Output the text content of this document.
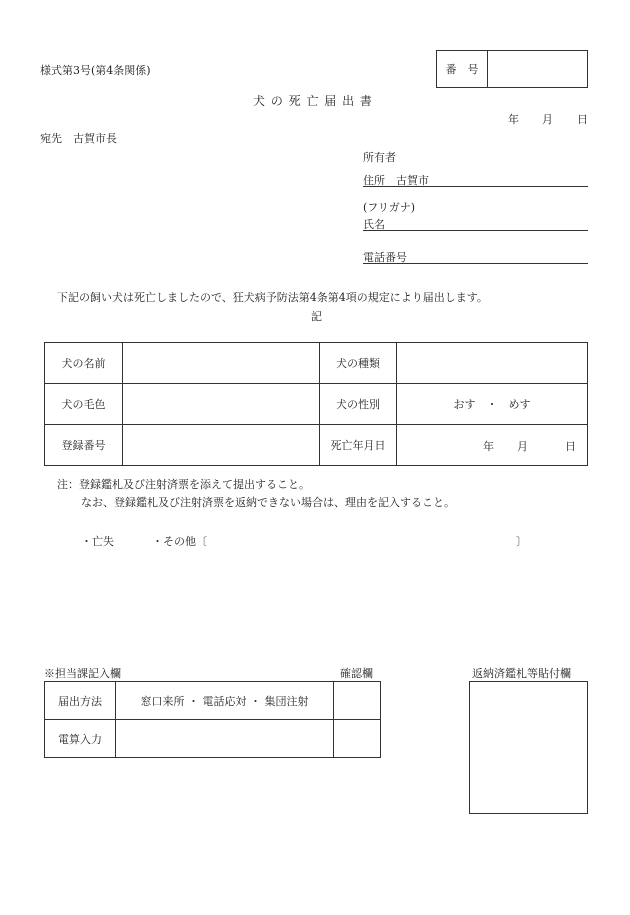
様式第3号(第4条関係)	番　号	
犬 の 死 亡 届 出 書
年 月 日
宛先　古賀市長
所有者
住所　古賀市
(フリガナ)
氏名
電話番号
下記の飼い犬は死亡しましたので、狂犬病予防法第4条第4項の規定により届出します。
記
犬の名前		犬の種類	
犬の毛色		犬の性別	おす　・　めす
登録番号		死亡年月日	年 月 日
注：登録鑑札及び注射済票を添えて提出すること。
なお、登録鑑札及び注射済票を返納できない場合は、理由を記入すること。
・亡失	・その他〔	〕
※担当課記入欄	確認欄	返納済鑑札等貼付欄
届出方法	窓口来所 ・ 電話応対 ・ 集団注射	
電算入力		
